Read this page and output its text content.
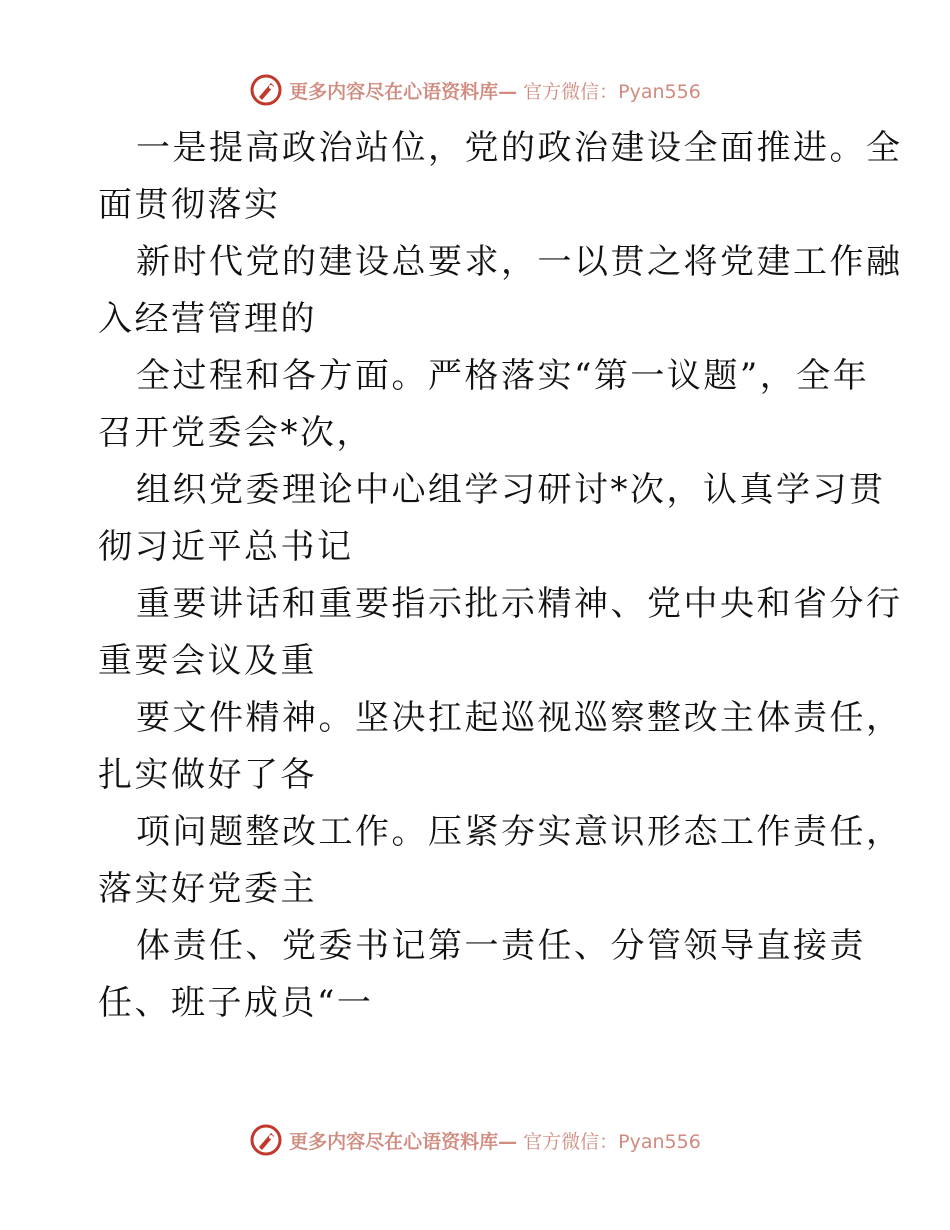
更多内容尽在心语资料库— 官方微信：Pyan556

一是提高政治站位，党的政治建设全面推进。全
面贯彻落实

新时代党的建设总要求，一以贯之将党建工作融
入经营管理的

全过程和各方面。严格落实“第一议题”，全年
召开党委会*次，

组织党委理论中心组学习研讨*次，认真学习贯
彻习近平总书记

重要讲话和重要指示批示精神、党中央和省分行
重要会议及重

要文件精神。坚决扛起巡视巡察整改主体责任，
扎实做好了各

项问题整改工作。压紧夯实意识形态工作责任，
落实好党委主

体责任、党委书记第一责任、分管领导直接责
任、班子成员“一

更多内容尽在心语资料库— 官方微信：Pyan556
